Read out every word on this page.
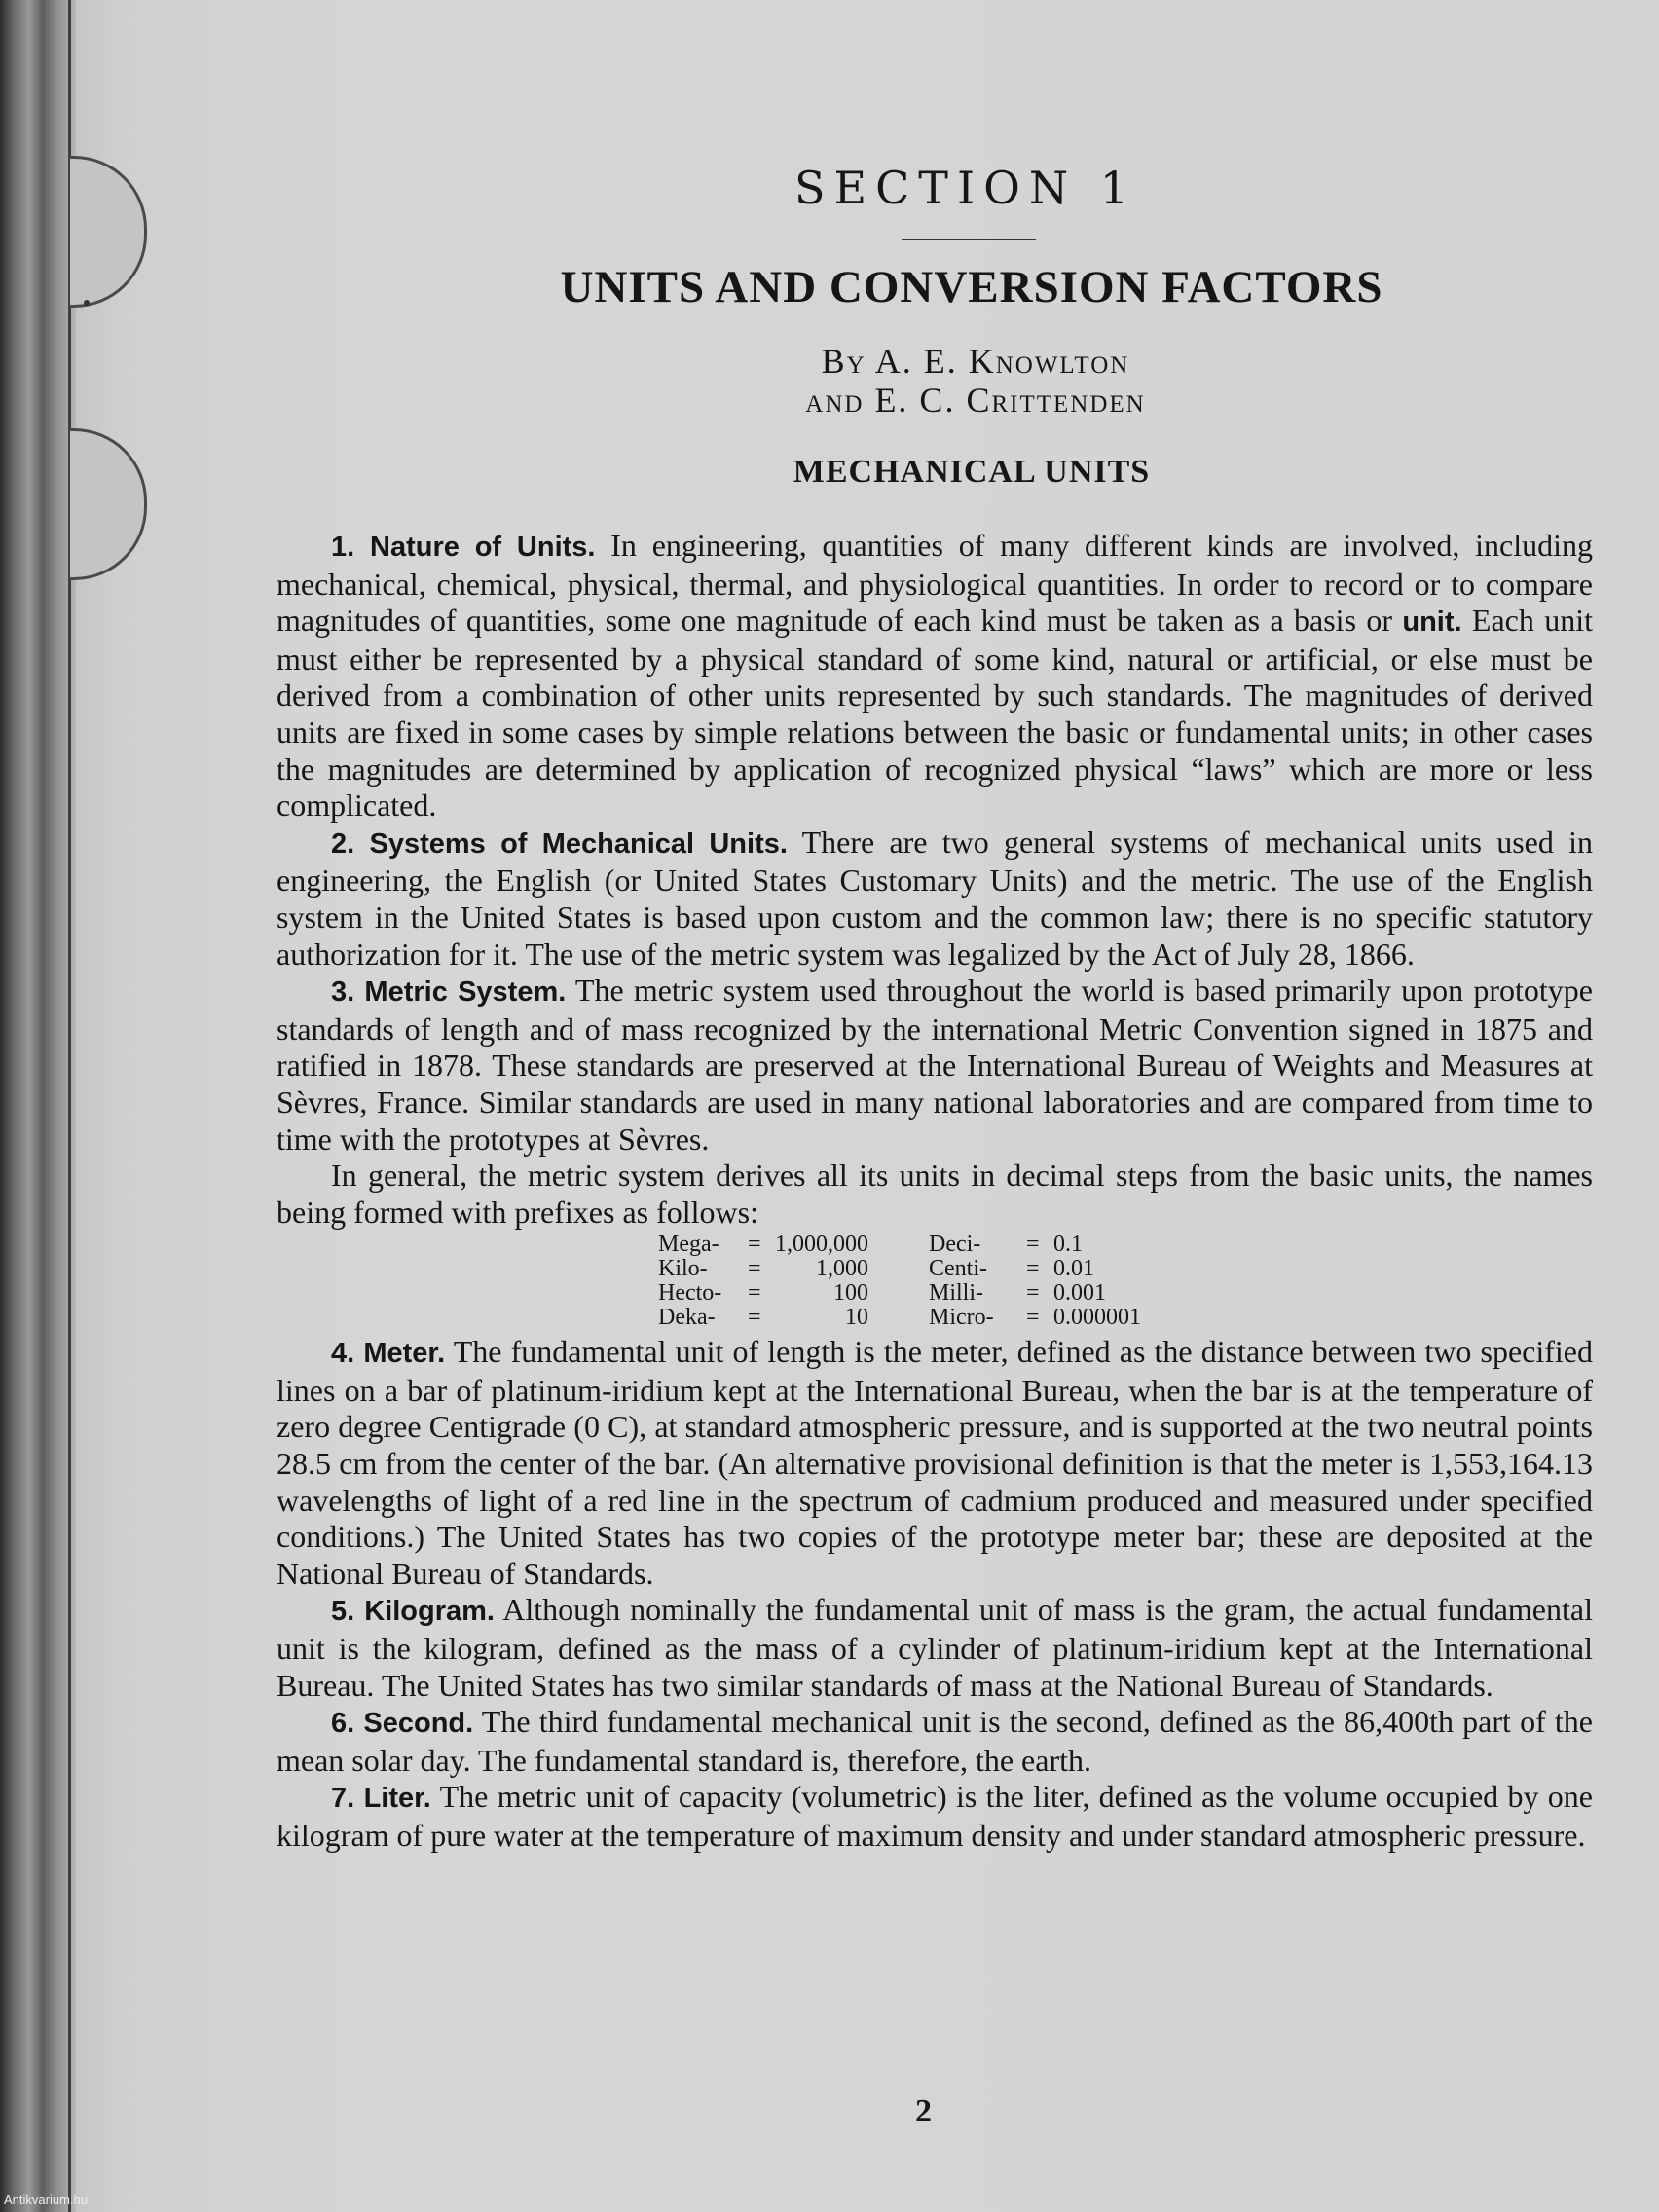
SECTION 1
UNITS AND CONVERSION FACTORS
By A. E. Knowlton
and E. C. Crittenden
MECHANICAL UNITS

1. Nature of Units. In engineering, quantities of many different kinds are involved, including mechanical, chemical, physical, thermal, and physiological quantities. In order to record or to compare magnitudes of quantities, some one magnitude of each kind must be taken as a basis or unit. Each unit must either be represented by a physical standard of some kind, natural or artificial, or else must be derived from a combination of other units represented by such standards. The magnitudes of derived units are fixed in some cases by simple relations between the basic or fundamental units; in other cases the magnitudes are determined by application of recognized physical “laws” which are more or less complicated.

2. Systems of Mechanical Units. There are two general systems of mechanical units used in engineering, the English (or United States Customary Units) and the metric. The use of the English system in the United States is based upon custom and the common law; there is no specific statutory authorization for it. The use of the metric system was legalized by the Act of July 28, 1866.

3. Metric System. The metric system used throughout the world is based primarily upon prototype standards of length and of mass recognized by the international Metric Convention signed in 1875 and ratified in 1878. These standards are preserved at the International Bureau of Weights and Measures at Sèvres, France. Similar standards are used in many national laboratories and are compared from time to time with the prototypes at Sèvres.

In general, the metric system derives all its units in decimal steps from the basic units, the names being formed with prefixes as follows:

Mega-	=	1,000,000		Deci-	=	0.1
Kilo-	=	1,000		Centi-	=	0.01
Hecto-	=	100		Milli-	=	0.001
Deka-	=	10		Micro-	=	0.000001

4. Meter. The fundamental unit of length is the meter, defined as the distance between two specified lines on a bar of platinum-iridium kept at the International Bureau, when the bar is at the temperature of zero degree Centigrade (0 C), at standard atmospheric pressure, and is supported at the two neutral points 28.5 cm from the center of the bar. (An alternative provisional definition is that the meter is 1,553,164.13 wavelengths of light of a red line in the spectrum of cadmium produced and measured under specified conditions.) The United States has two copies of the prototype meter bar; these are deposited at the National Bureau of Standards.

5. Kilogram. Although nominally the fundamental unit of mass is the gram, the actual fundamental unit is the kilogram, defined as the mass of a cylinder of platinum-iridium kept at the International Bureau. The United States has two similar standards of mass at the National Bureau of Standards.

6. Second. The third fundamental mechanical unit is the second, defined as the 86,400th part of the mean solar day. The fundamental standard is, therefore, the earth.

7. Liter. The metric unit of capacity (volumetric) is the liter, defined as the volume occupied by one kilogram of pure water at the temperature of maximum density and under standard atmospheric pressure.

2
Antikvarium.hu
